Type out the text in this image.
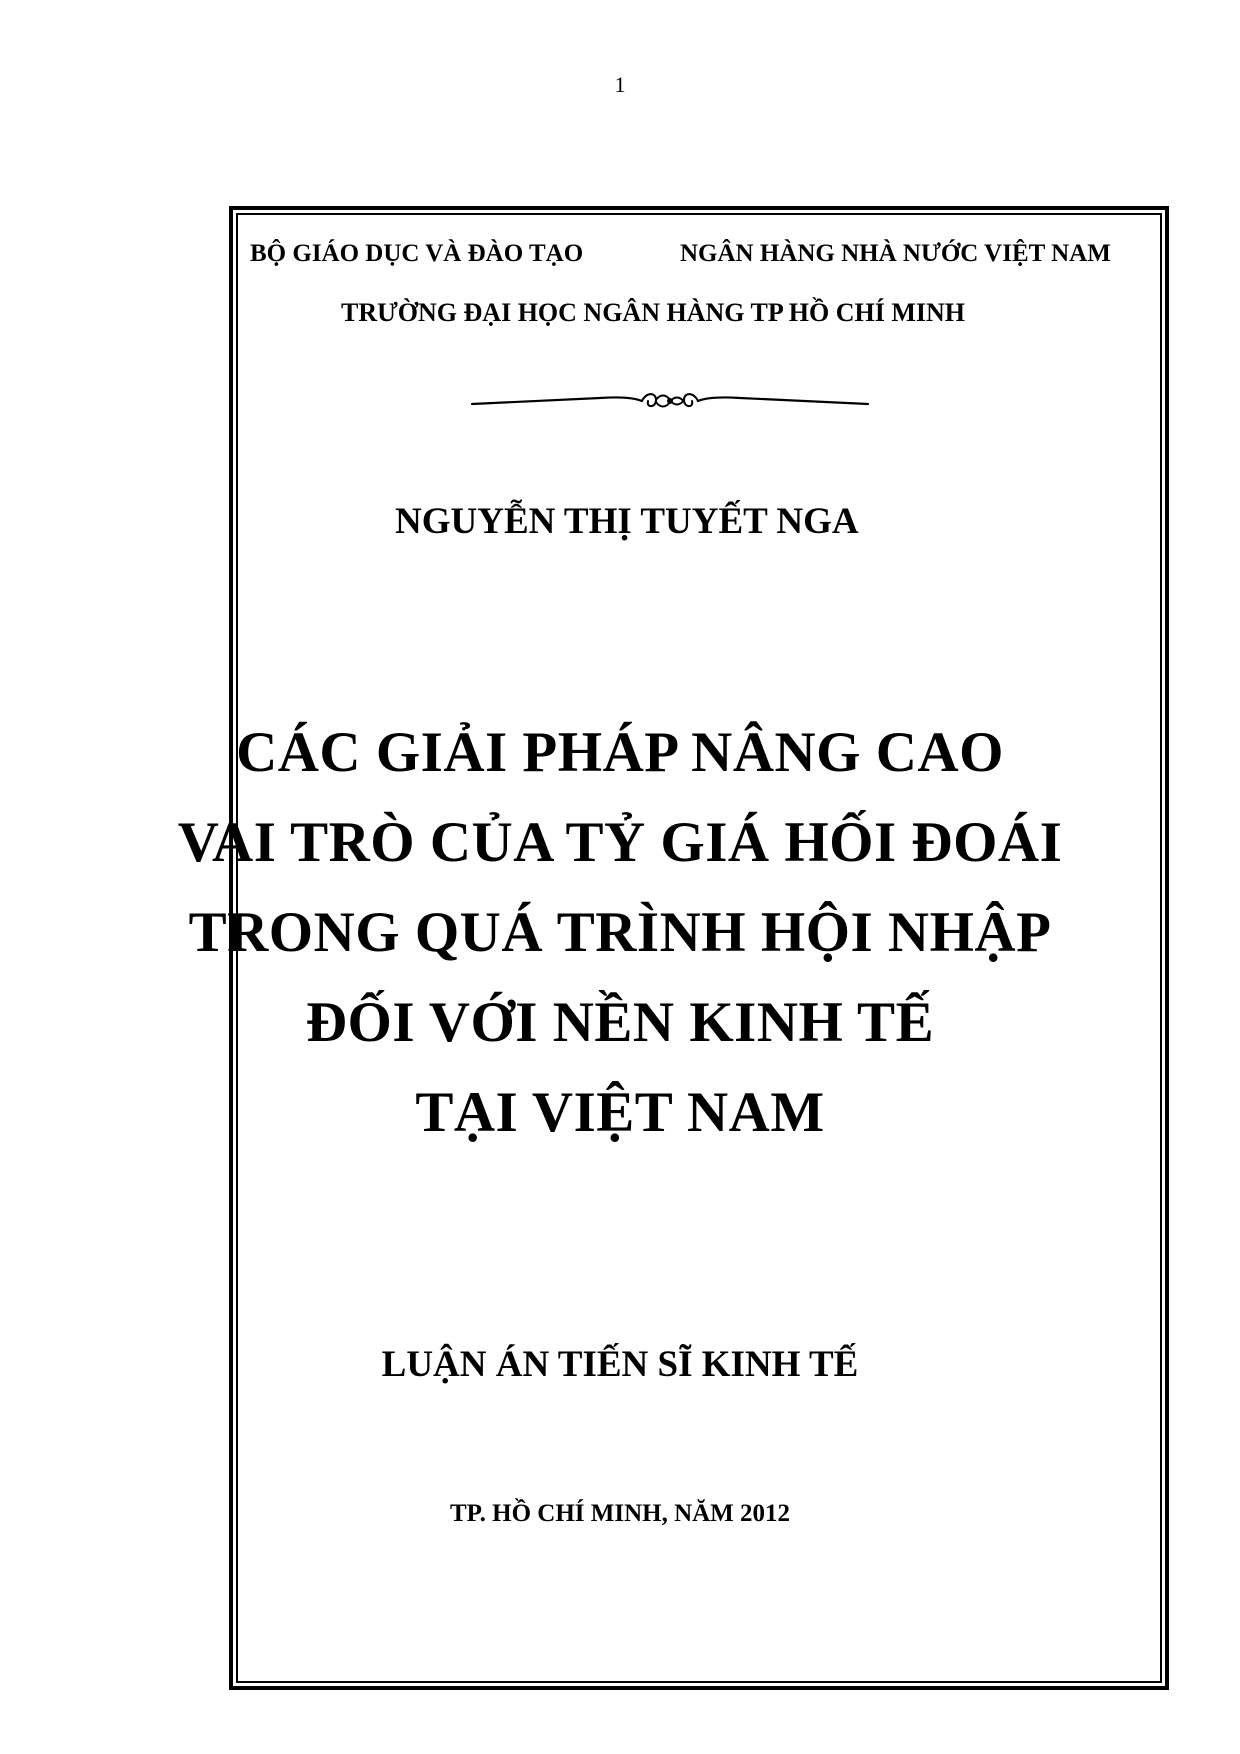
1
BỘ GIÁO DỤC VÀ ĐÀO TẠO	NGÂN HÀNG NHÀ NƯỚC VIỆT NAM
TRƯỜNG ĐẠI HỌC NGÂN HÀNG TP HỒ CHÍ MINH
NGUYỄN THỊ TUYẾT NGA
CÁC GIẢI PHÁP NÂNG CAO
VAI TRÒ CỦA TỶ GIÁ HỐI ĐOÁI
TRONG QUÁ TRÌNH HỘI NHẬP
ĐỐI VỚI NỀN KINH TẾ
TẠI VIỆT NAM
LUẬN ÁN TIẾN SĨ KINH TẾ
TP. HỒ CHÍ MINH, NĂM 2012
